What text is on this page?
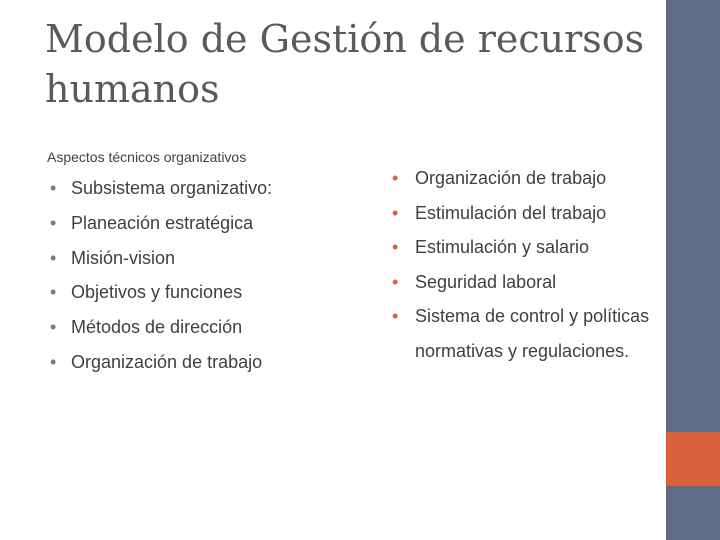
Modelo de Gestión de recursos humanos

Aspectos técnicos organizativos

• Subsistema organizativo:
• Planeación estratégica
• Misión-vision
• Objetivos y funciones
• Métodos de dirección
• Organización de trabajo
• Organización de trabajo
• Estimulación del trabajo
• Estimulación y salario
• Seguridad laboral
• Sistema de control y políticas normativas y regulaciones.
